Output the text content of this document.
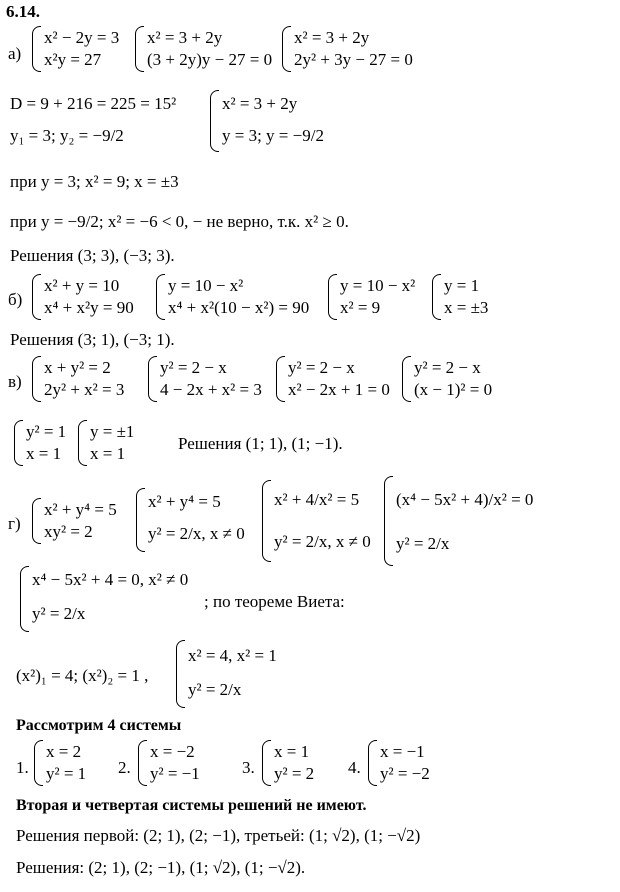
6.14.
а)
x² − 2y = 3
x²y = 27
x² = 3 + 2y
(3 + 2y)y − 27 = 0
x² = 3 + 2y
2y² + 3y − 27 = 0
D = 9 + 216 = 225 = 15²
y₁ = 3; y₂ = −9/2
x² = 3 + 2y
y = 3; y = −9/2
при y = 3; x² = 9; x = ±3
при y = −9/2; x² = −6 < 0, − не верно, т.к. x² ≥ 0.
Решения (3; 3), (−3; 3).
б)
x² + y = 10
x⁴ + x²y = 90
y = 10 − x²
x⁴ + x²(10 − x²) = 90
y = 10 − x²
x² = 9
y = 1
x = ±3
Решения (3; 1), (−3; 1).
в)
x + y² = 2
2y² + x² = 3
y² = 2 − x
4 − 2x + x² = 3
y² = 2 − x
x² − 2x + 1 = 0
y² = 2 − x
(x − 1)² = 0
y² = 1
x = 1
y = ±1
x = 1
Решения (1; 1), (1; −1).
г)
x² + y⁴ = 5
xy² = 2
x² + y⁴ = 5
y² = 2/x, x ≠ 0
x² + 4/x² = 5
y² = 2/x, x ≠ 0
(x⁴ − 5x² + 4)/x² = 0
y² = 2/x
x⁴ − 5x² + 4 = 0, x² ≠ 0
y² = 2/x
; по теореме Виета:
(x²)₁ = 4; (x²)₂ = 1 ,
x² = 4, x² = 1
y² = 2/x
Рассмотрим 4 системы
1.
x = 2
y² = 1 2.
x = −2
y² = −1 3.
x = 1
y² = 2 4.
x = −1
y² = −2
Вторая и четвертая системы решений не имеют.
Решения первой: (2; 1), (2; −1), третьей: (1; √2), (1; −√2)
Решения: (2; 1), (2; −1), (1; √2), (1; −√2).
